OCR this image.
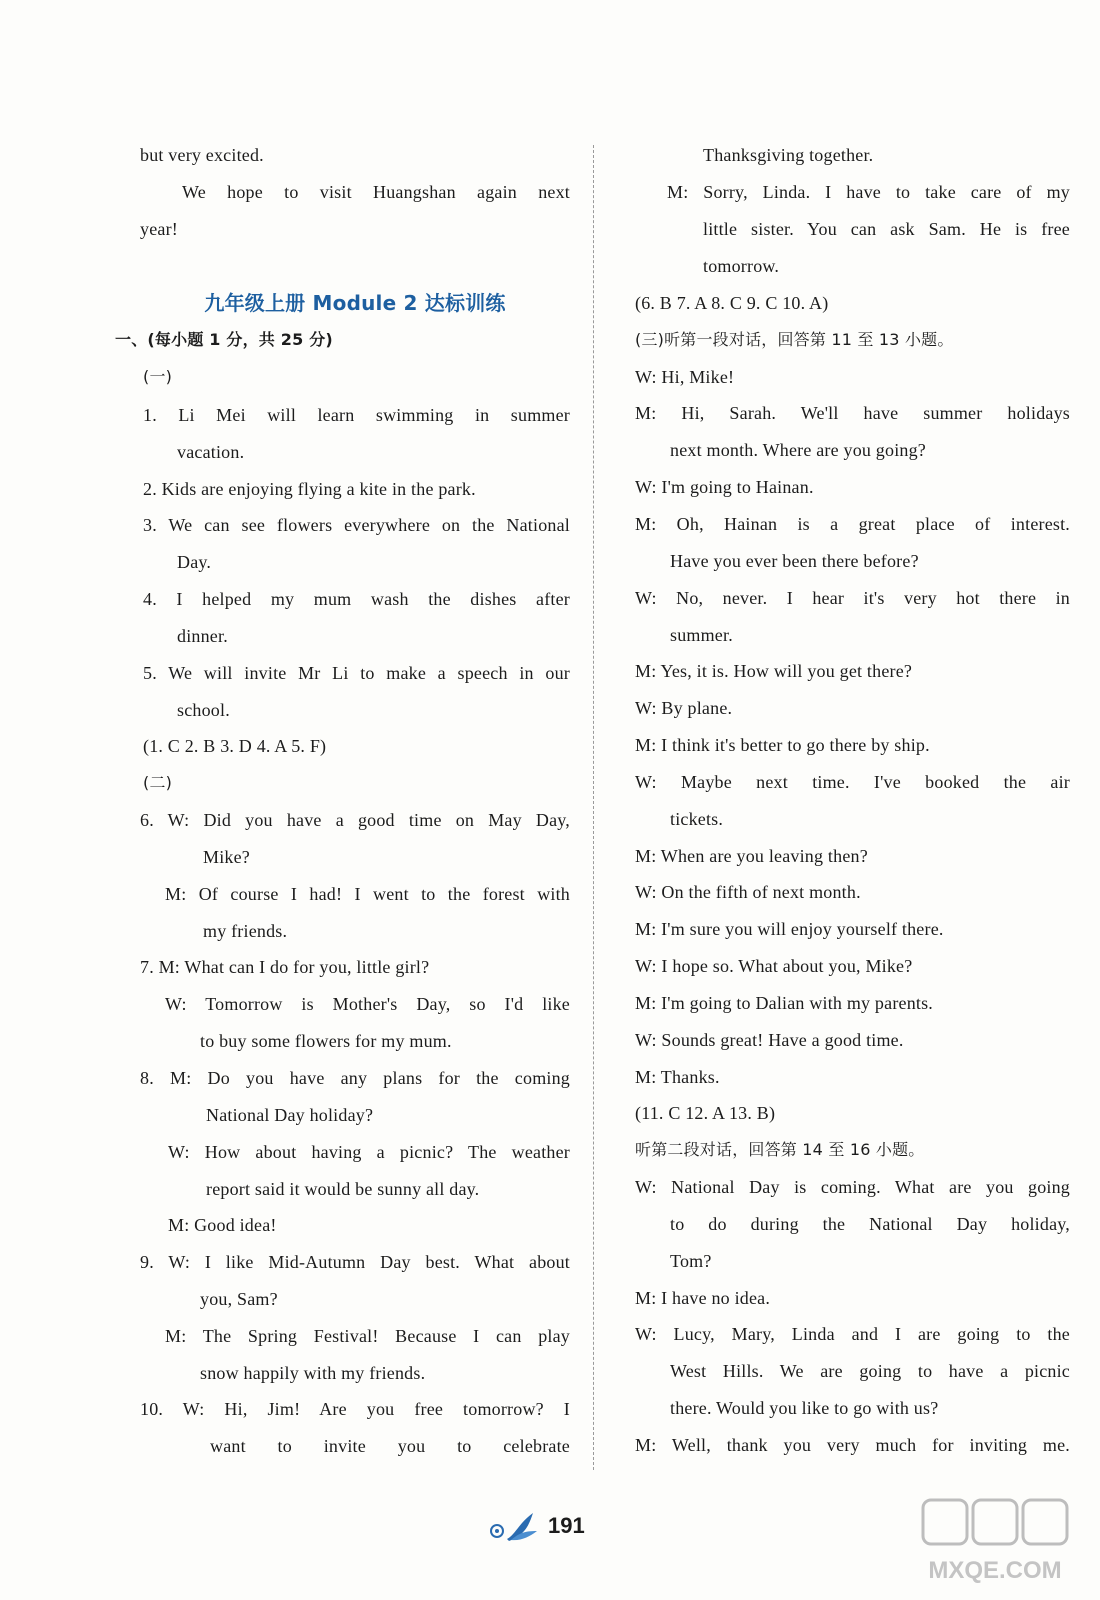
but very excited.
We hope to visit Huangshan again next
year!
九年级上册 Module 2 达标训练
一、(每小题 1 分，共 25 分)
(一)
1. Li Mei will learn swimming in summer
vacation.
2. Kids are enjoying flying a kite in the park.
3. We can see flowers everywhere on the National
Day.
4. I helped my mum wash the dishes after
dinner.
5. We will invite Mr Li to make a speech in our
school.
(1. C 2. B 3. D 4. A 5. F)
(二)
6. W: Did you have a good time on May Day,
Mike?
M: Of course I had! I went to the forest with
my friends.
7. M: What can I do for you, little girl?
W: Tomorrow is Mother's Day, so I'd like
to buy some flowers for my mum.
8. M: Do you have any plans for the coming
National Day holiday?
W: How about having a picnic? The weather
report said it would be sunny all day.
M: Good idea!
9. W: I like Mid-Autumn Day best. What about
you, Sam?
M: The Spring Festival! Because I can play
snow happily with my friends.
10. W: Hi, Jim! Are you free tomorrow? I
want to invite you to celebrate
Thanksgiving together.
M: Sorry, Linda. I have to take care of my
little sister. You can ask Sam. He is free
tomorrow.
(6. B 7. A 8. C 9. C 10. A)
(三)听第一段对话，回答第 11 至 13 小题。
W: Hi, Mike!
M: Hi, Sarah. We'll have summer holidays
next month. Where are you going?
W: I'm going to Hainan.
M: Oh, Hainan is a great place of interest.
Have you ever been there before?
W: No, never. I hear it's very hot there in
summer.
M: Yes, it is. How will you get there?
W: By plane.
M: I think it's better to go there by ship.
W: Maybe next time. I've booked the air
tickets.
M: When are you leaving then?
W: On the fifth of next month.
M: I'm sure you will enjoy yourself there.
W: I hope so. What about you, Mike?
M: I'm going to Dalian with my parents.
W: Sounds great! Have a good time.
M: Thanks.
(11. C 12. A 13. B)
听第二段对话，回答第 14 至 16 小题。
W: National Day is coming. What are you going
to do during the National Day holiday,
Tom?
M: I have no idea.
W: Lucy, Mary, Linda and I are going to the
West Hills. We are going to have a picnic
there. Would you like to go with us?
M: Well, thank you very much for inviting me.
191
MXQE.COM
